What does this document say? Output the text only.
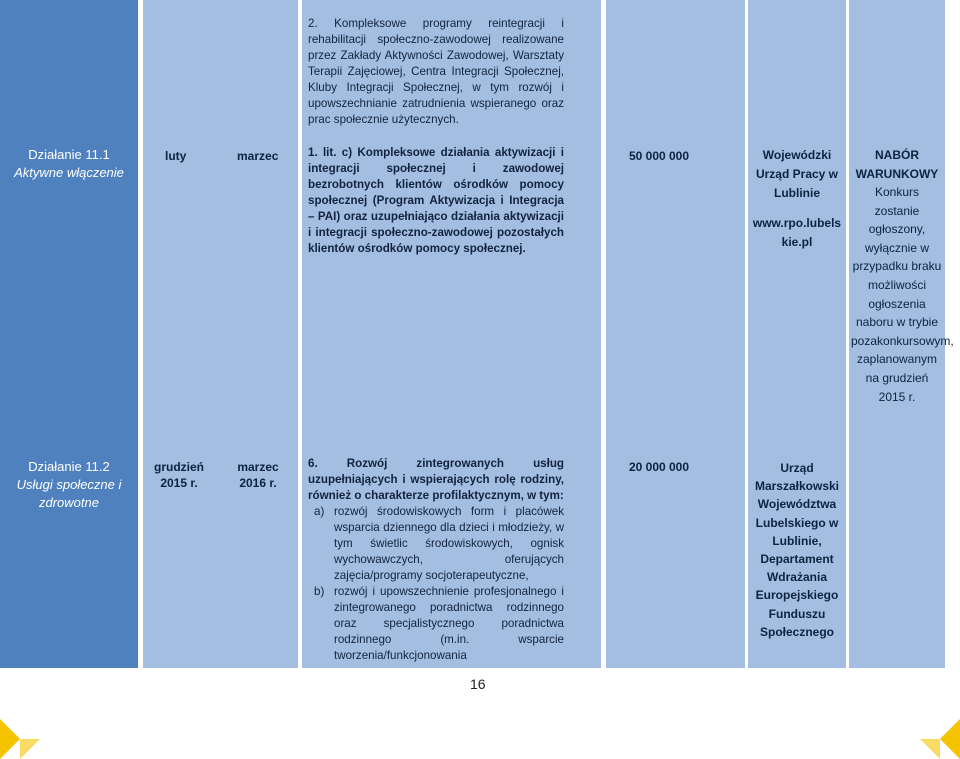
Działanie 11.1
Aktywne włączenie
Działanie 11.2
Usługi społeczne i zdrowotne
luty	marzec
grudzień 2015 r.
marzec 2016 r.

2. Kompleksowe programy reintegracji i rehabilitacji społeczno-zawodowej realizowane przez Zakłady Aktywności Zawodowej, Warsztaty Terapii Zajęciowej, Centra Integracji Społecznej, Kluby Integracji Społecznej, w tym rozwój i upowszechnianie zatrudnienia wspieranego oraz prac społecznie użytecznych.

1. lit. c) Kompleksowe działania aktywizacji i integracji społecznej i zawodowej bezrobotnych klientów ośrodków pomocy społecznej (Program Aktywizacja i Integracja – PAI) oraz uzupełniająco działania aktywizacji i integracji społeczno-zawodowej pozostałych klientów ośrodków pomocy społecznej.

6. Rozwój zintegrowanych usług uzupełniających i wspierających rolę rodziny, również o charakterze profilaktycznym, w tym:

a) rozwój środowiskowych form i placówek wsparcia dziennego dla dzieci i młodzieży, w tym świetlic środowiskowych, ognisk wychowawczych, oferujących zajęcia/programy socjoterapeutyczne,
b) rozwój i upowszechnienie profesjonalnego i zintegrowanego poradnictwa rodzinnego oraz specjalistycznego poradnictwa rodzinnego (m.in. wsparcie tworzenia/funkcjonowania
50 000 000
20 000 000
Wojewódzki Urząd Pracy w Lublinie
www.rpo.lubelskie.pl
Urząd Marszałkowski Województwa Lubelskiego w Lublinie, Departament Wdrażania Europejskiego Funduszu Społecznego
NABÓR WARUNKOWY
Konkurs zostanie ogłoszony, wyłącznie w przypadku braku możliwości ogłoszenia naboru w trybie pozakonkursowym, zaplanowanym na grudzień 2015 r.
16
